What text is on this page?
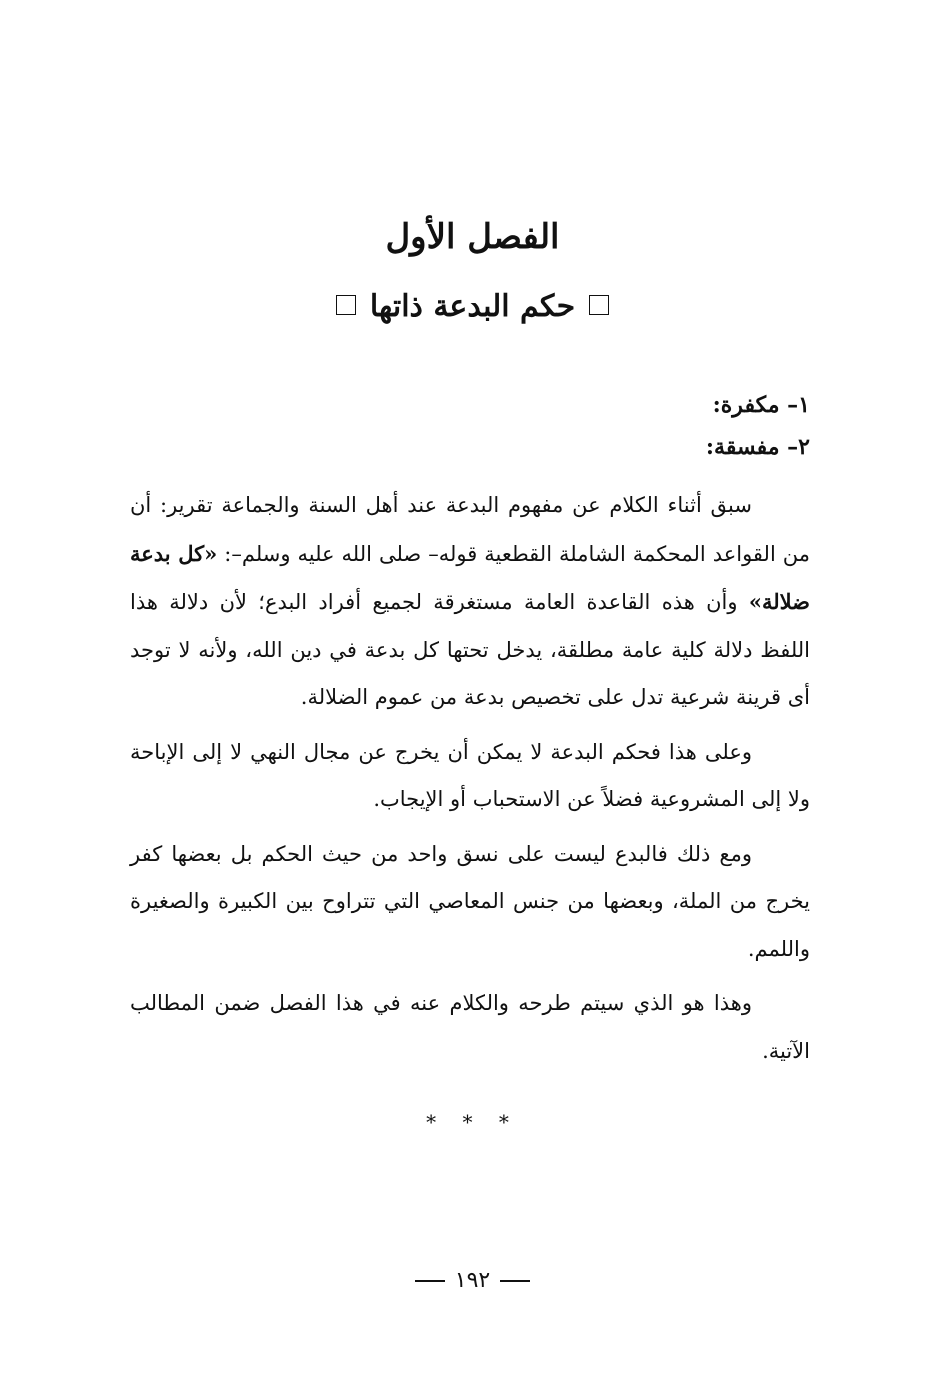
الفصل الأول
حكم البدعة ذاتها
١– مكفرة:
٢– مفسقة:

سبق أثناء الكلام عن مفهوم البدعة عند أهل السنة والجماعة تقرير: أن من القواعد المحكمة الشاملة القطعية قوله– صلى الله عليه وسلم–: «كل بدعة ضلالة» وأن هذه القاعدة العامة مستغرقة لجميع أفراد البدع؛ لأن دلالة هذا اللفظ دلالة كلية عامة مطلقة، يدخل تحتها كل بدعة في دين الله، ولأنه لا توجد أى قرينة شرعية تدل على تخصيص بدعة من عموم الضلالة.

وعلى هذا فحكم البدعة لا يمكن أن يخرج عن مجال النهي لا إلى الإباحة ولا إلى المشروعية فضلاً عن الاستحباب أو الإيجاب.

ومع ذلك فالبدع ليست على نسق واحد من حيث الحكم بل بعضها كفر يخرج من الملة، وبعضها من جنس المعاصي التي تتراوح بين الكبيرة والصغيرة واللمم.

وهذا هو الذي سيتم طرحه والكلام عنه في هذا الفصل ضمن المطالب الآتية.

* * *
١٩٢
